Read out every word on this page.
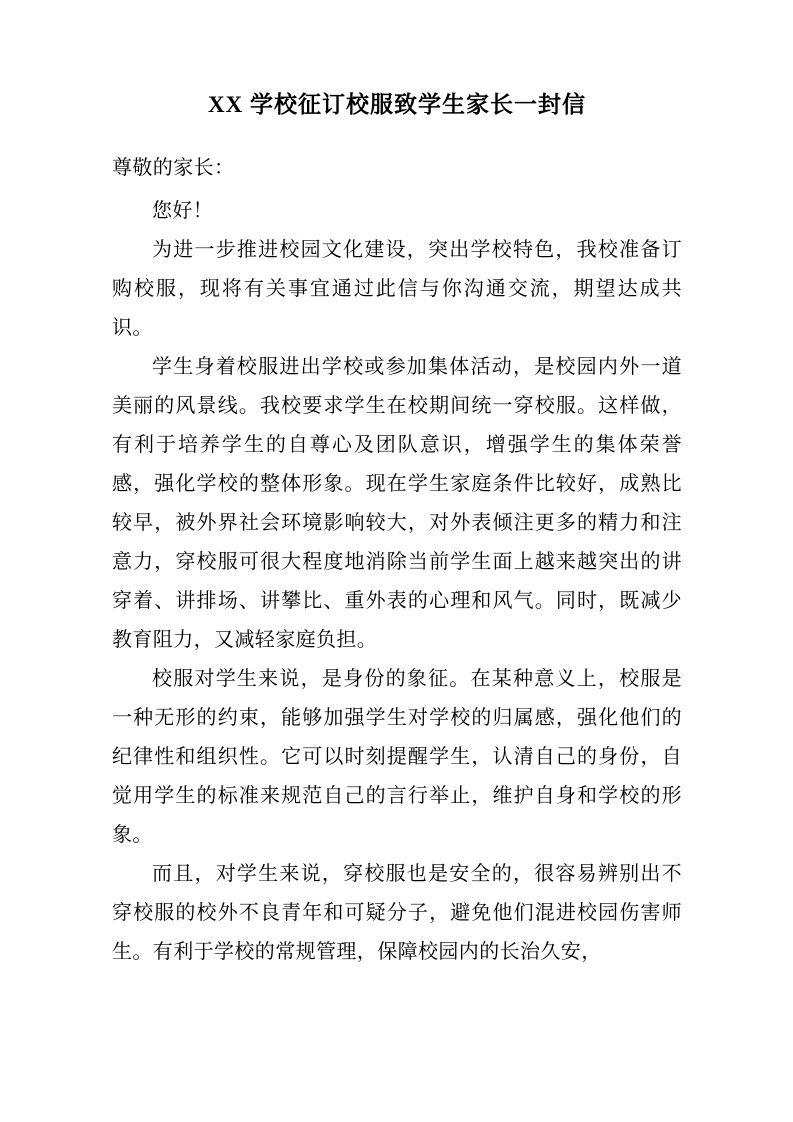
XX 学校征订校服致学生家长一封信

尊敬的家长：

您好！

为进一步推进校园文化建设，突出学校特色，我校准备订购校服，现将有关事宜通过此信与你沟通交流，期望达成共识。

学生身着校服进出学校或参加集体活动，是校园内外一道美丽的风景线。我校要求学生在校期间统一穿校服。这样做，有利于培养学生的自尊心及团队意识，增强学生的集体荣誉感，强化学校的整体形象。现在学生家庭条件比较好，成熟比较早，被外界社会环境影响较大，对外表倾注更多的精力和注意力，穿校服可很大程度地消除当前学生面上越来越突出的讲穿着、讲排场、讲攀比、重外表的心理和风气。同时，既减少教育阻力，又减轻家庭负担。

校服对学生来说，是身份的象征。在某种意义上，校服是一种无形的约束，能够加强学生对学校的归属感，强化他们的纪律性和组织性。它可以时刻提醒学生，认清自己的身份，自觉用学生的标准来规范自己的言行举止，维护自身和学校的形象。

而且，对学生来说，穿校服也是安全的，很容易辨别出不穿校服的校外不良青年和可疑分子，避免他们混进校园伤害师生。有利于学校的常规管理，保障校园内的长治久安，
